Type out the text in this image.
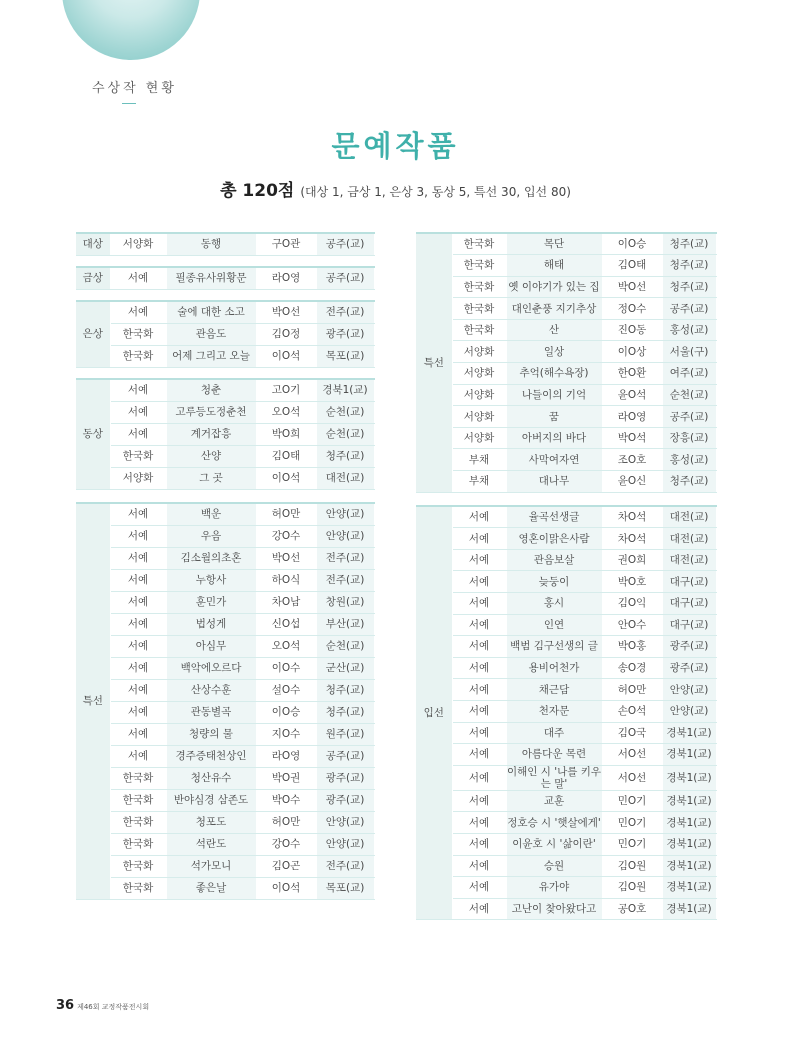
수상작 현황
문예작품
총 120점 (대상 1, 금상 1, 은상 3, 동상 5, 특선 30, 입선 80)
대상	서양화	동행	구O관	공주(교)

금상	서예	필종유사위황문	라O영	공주(교)

은상	서예	술에 대한 소고	박O선	전주(교)
	한국화	관음도	김O정	광주(교)
	한국화	어제 그리고 오늘	이O석	목포(교)

동상	서예	청춘	고O기	경북1(교)
	서예	고루등도정춘천	오O석	순천(교)
	서예	계거잡흥	박O희	순천(교)
	한국화	산양	김O태	청주(교)
	서양화	그 곳	이O석	대전(교)

특선	서예	백운	허O만	안양(교)
	서예	우음	강O수	안양(교)
	서예	김소월의초혼	박O선	전주(교)
	서예	누항사	하O식	전주(교)
	서예	훈민가	차O남	창원(교)
	서예	법성게	신O섭	부산(교)
	서예	아심무	오O석	순천(교)
	서예	백악에오르다	이O수	군산(교)
	서예	산상수훈	설O수	청주(교)
	서예	관동별곡	이O승	청주(교)
	서예	청량의 물	지O수	원주(교)
	서예	경주증태천상인	라O영	공주(교)
	한국화	청산유수	박O권	광주(교)
	한국화	반야심경 삼존도	박O수	광주(교)
	한국화	청포도	허O만	안양(교)
	한국화	석란도	강O수	안양(교)
	한국화	석가모니	김O곤	전주(교)
	한국화	좋은날	이O석	목포(교)
특선	한국화	목단	이O승	청주(교)
	한국화	해태	김O태	청주(교)
	한국화	옛 이야기가 있는 집	박O선	청주(교)
	한국화	대인춘풍 지기추상	정O수	공주(교)
	한국화	산	진O동	홍성(교)
	서양화	일상	이O상	서울(구)
	서양화	추억(해수욕장)	한O환	여주(교)
	서양화	나들이의 기억	윤O석	순천(교)
	서양화	꿈	라O영	공주(교)
	서양화	아버지의 바다	박O석	장흥(교)
	부채	사막여자연	조O호	홍성(교)
	부채	대나무	윤O신	청주(교)

입선	서예	율곡선생글	차O석	대전(교)
	서예	영혼이맑은사람	차O석	대전(교)
	서예	관음보살	권O희	대전(교)
	서예	늦둥이	박O호	대구(교)
	서예	홍시	김O익	대구(교)
	서예	인연	안O수	대구(교)
	서예	백범 김구선생의 글	박O홍	광주(교)
	서예	용비어천가	송O경	광주(교)
	서예	채근담	허O만	안양(교)
	서예	천자문	손O석	안양(교)
	서예	대주	김O국	경북1(교)
	서예	아름다운 목련	서O선	경북1(교)
	서예	이해인 시 '나를 키우는 말'	서O선	경북1(교)
	서예	교훈	민O기	경북1(교)
	서예	정호승 시 '햇살에게'	민O기	경북1(교)
	서예	이윤호 시 '삶이란'	민O기	경북1(교)
	서예	승원	김O원	경북1(교)
	서예	유가야	김O원	경북1(교)
	서예	고난이 찾아왔다고	공O호	경북1(교)
36 제46회 교정작품전시회
